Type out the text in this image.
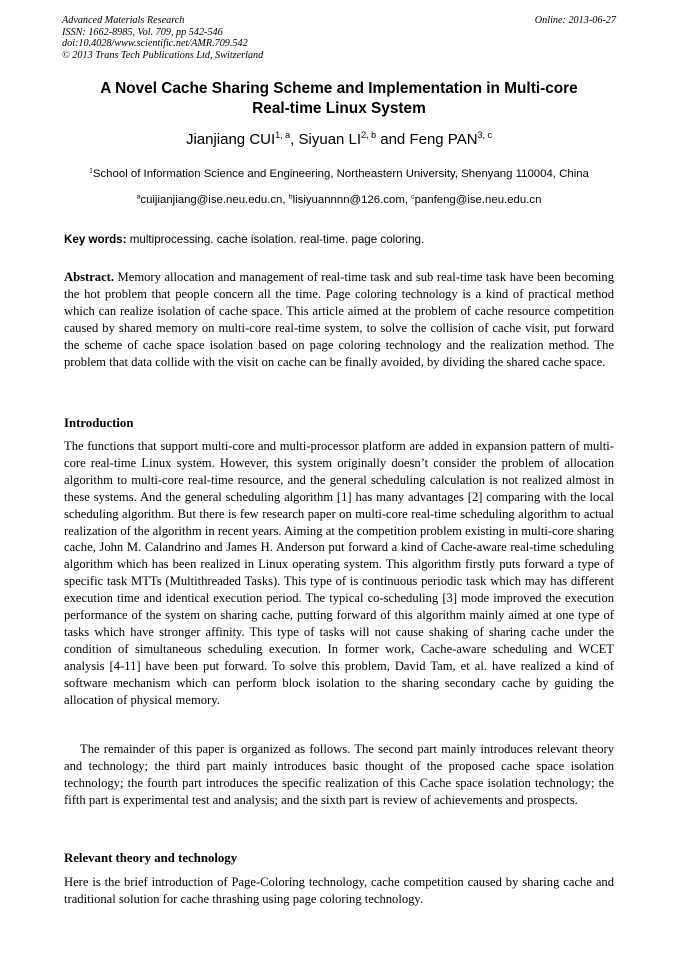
Advanced Materials Research
ISSN: 1662-8985, Vol. 709, pp 542-546
doi:10.4028/www.scientific.net/AMR.709.542
© 2013 Trans Tech Publications Ltd, Switzerland
Online: 2013-06-27
A Novel Cache Sharing Scheme and Implementation in Multi-core
Real-time Linux System
Jianjiang CUI$^{1, a}$, Siyuan LI$^{2, b}$ and Feng PAN$^{3, c}$
$^1$School of Information Science and Engineering, Northeastern University, Shenyang 110004, China
$^a$cuijianjiang@ise.neu.edu.cn, $^b$lisiyuannnn@126.com, $^c$panfeng@ise.neu.edu.cn
Key words: multiprocessing. cache isolation. real-time. page coloring.
Abstract. Memory allocation and management of real-time task and sub real-time task have been becoming the hot problem that people concern all the time. Page coloring technology is a kind of practical method which can realize isolation of cache space. This article aimed at the problem of cache resource competition caused by shared memory on multi-core real-time system, to solve the collision of cache visit, put forward the scheme of cache space isolation based on page coloring technology and the realization method. The problem that data collide with the visit on cache can be finally avoided, by dividing the shared cache space.
Introduction
The functions that support multi-core and multi-processor platform are added in expansion pattern of multi-core real-time Linux system. However, this system originally doesn’t consider the problem of allocation algorithm to multi-core real-time resource, and the general scheduling calculation is not realized almost in these systems. And the general scheduling algorithm [1] has many advantages [2] comparing with the local scheduling algorithm. But there is few research paper on multi-core real-time scheduling algorithm to actual realization of the algorithm in recent years. Aiming at the competition problem existing in multi-core sharing cache, John M. Calandrino and James H. Anderson put forward a kind of Cache-aware real-time scheduling algorithm which has been realized in Linux operating system. This algorithm firstly puts forward a type of specific task MTTs (Multithreaded Tasks). This type of is continuous periodic task which may has different execution time and identical execution period. The typical co-scheduling [3] mode improved the execution performance of the system on sharing cache, putting forward of this algorithm mainly aimed at one type of tasks which have stronger affinity. This type of tasks will not cause shaking of sharing cache under the condition of simultaneous scheduling execution. In former work, Cache-aware scheduling and WCET analysis [4-11] have been put forward. To solve this problem, David Tam, et al. have realized a kind of software mechanism which can perform block isolation to the sharing secondary cache by guiding the allocation of physical memory.
The remainder of this paper is organized as follows. The second part mainly introduces relevant theory and technology; the third part mainly introduces basic thought of the proposed cache space isolation technology; the fourth part introduces the specific realization of this Cache space isolation technology; the fifth part is experimental test and analysis; and the sixth part is review of achievements and prospects.
Relevant theory and technology
Here is the brief introduction of Page-Coloring technology, cache competition caused by sharing cache and traditional solution for cache thrashing using page coloring technology.
